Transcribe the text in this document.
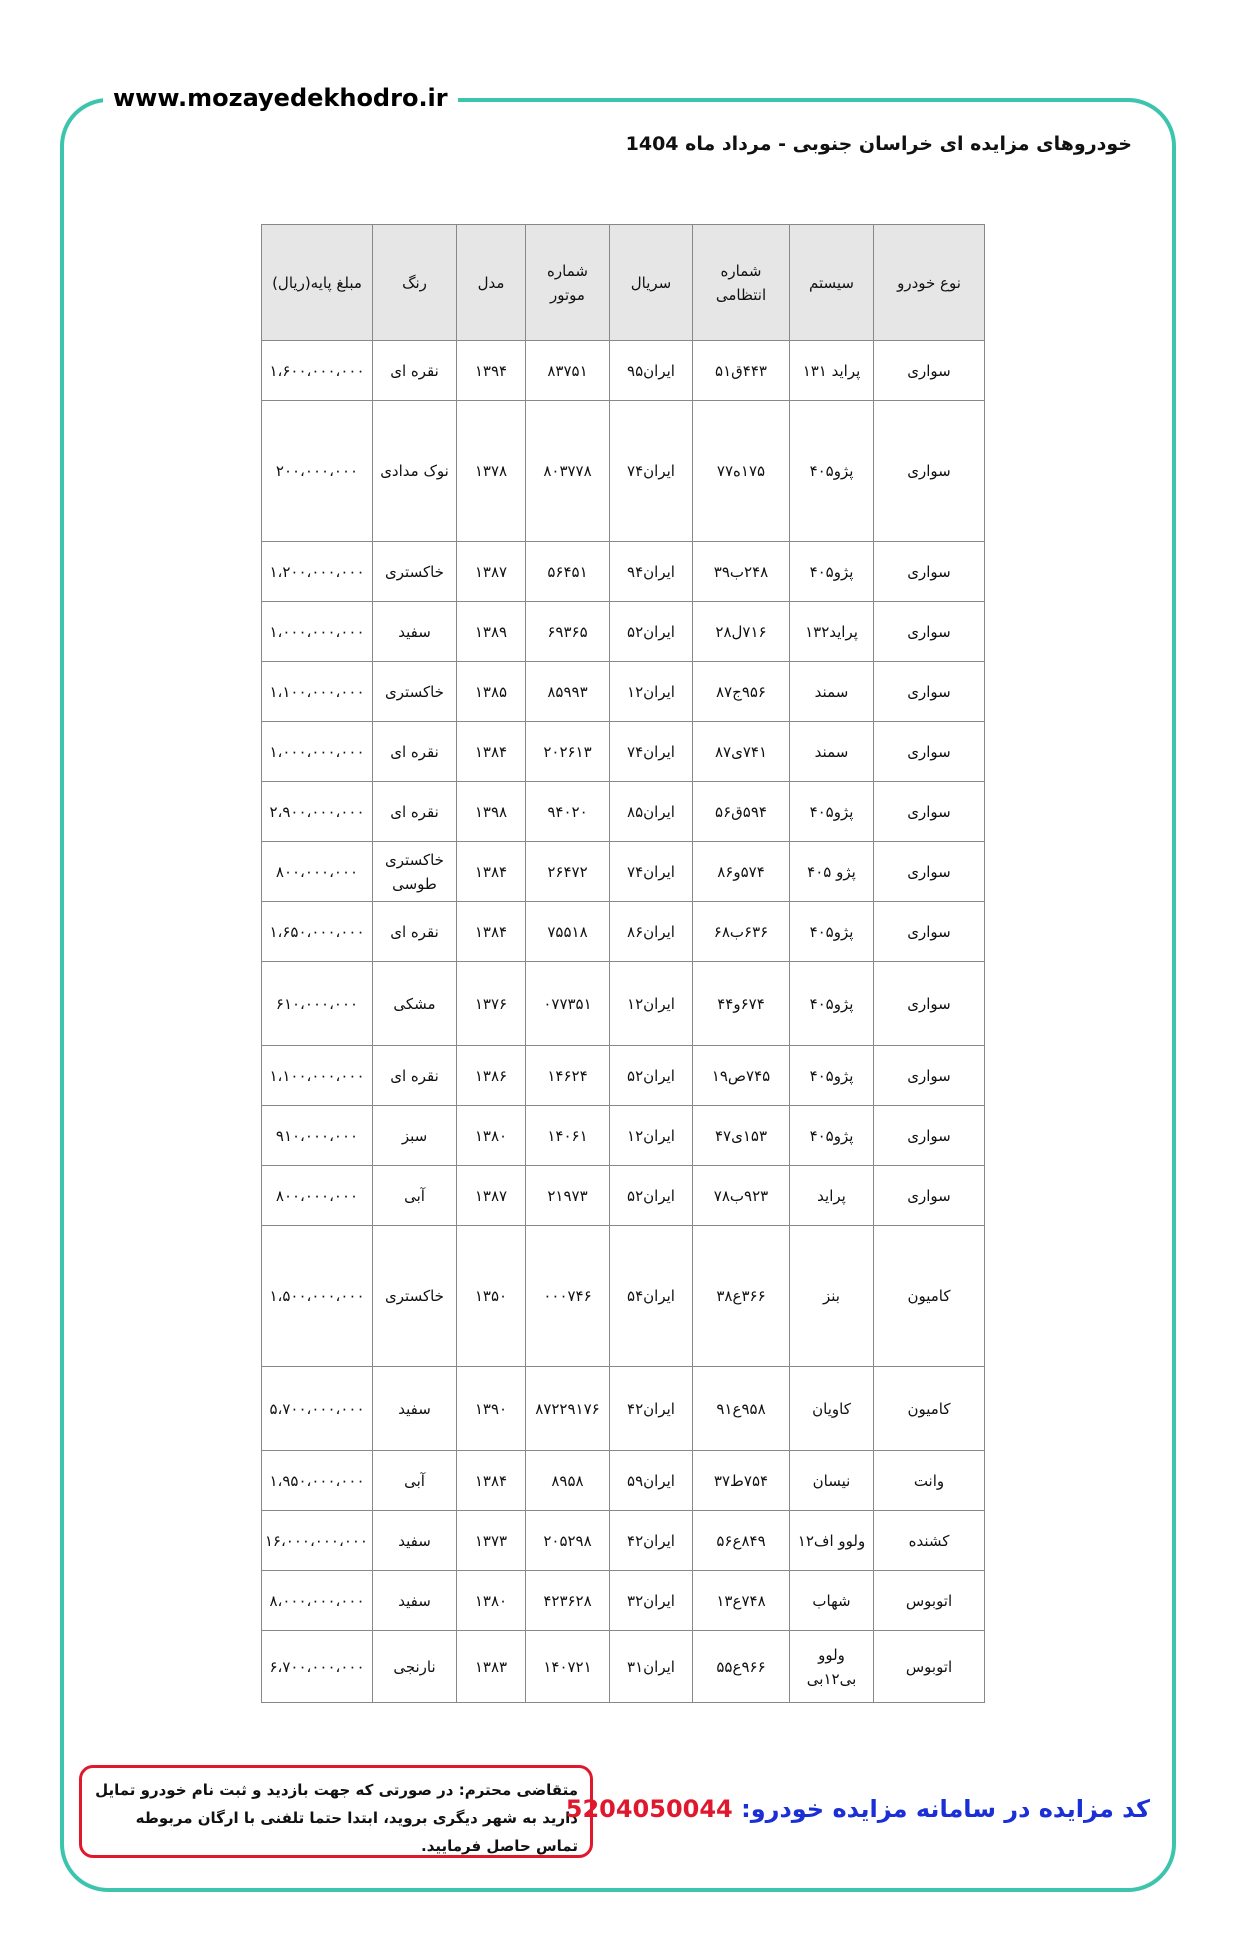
www.mozayedekhodro.ir
خودروهای مزایده ای خراسان جنوبی - مرداد ماه 1404
نوع خودرو	سیستم	شماره انتظامی	سریال	شماره موتور	مدل	رنگ	مبلغ پایه(ریال)
سواری	پراید ۱۳۱	۴۴۳ق۵۱	ایران۹۵	۸۳۷۵۱	۱۳۹۴	نقره ای	۱،۶۰۰،۰۰۰،۰۰۰
سواری	پژو۴۰۵	۱۷۵ه۷۷	ایران۷۴	۸۰۳۷۷۸	۱۳۷۸	نوک مدادی	۲۰۰،۰۰۰،۰۰۰
سواری	پژو۴۰۵	۲۴۸ب۳۹	ایران۹۴	۵۶۴۵۱	۱۳۸۷	خاکستری	۱،۲۰۰،۰۰۰،۰۰۰
سواری	پراید۱۳۲	۷۱۶ل۲۸	ایران۵۲	۶۹۳۶۵	۱۳۸۹	سفید	۱،۰۰۰،۰۰۰،۰۰۰
سواری	سمند	۹۵۶ج۸۷	ایران۱۲	۸۵۹۹۳	۱۳۸۵	خاکستری	۱،۱۰۰،۰۰۰،۰۰۰
سواری	سمند	۷۴۱ی۸۷	ایران۷۴	۲۰۲۶۱۳	۱۳۸۴	نقره ای	۱،۰۰۰،۰۰۰،۰۰۰
سواری	پژو۴۰۵	۵۹۴ق۵۶	ایران۸۵	۹۴۰۲۰	۱۳۹۸	نقره ای	۲،۹۰۰،۰۰۰،۰۰۰
سواری	پژو ۴۰۵	۵۷۴و۸۶	ایران۷۴	۲۶۴۷۲	۱۳۸۴	خاکستری طوسی	۸۰۰،۰۰۰،۰۰۰
سواری	پژو۴۰۵	۶۳۶ب۶۸	ایران۸۶	۷۵۵۱۸	۱۳۸۴	نقره ای	۱،۶۵۰،۰۰۰،۰۰۰
سواری	پژو۴۰۵	۶۷۴و۴۴	ایران۱۲	۰۷۷۳۵۱	۱۳۷۶	مشکی	۶۱۰،۰۰۰،۰۰۰
سواری	پژو۴۰۵	۷۴۵ص۱۹	ایران۵۲	۱۴۶۲۴	۱۳۸۶	نقره ای	۱،۱۰۰،۰۰۰،۰۰۰
سواری	پژو۴۰۵	۱۵۳ی۴۷	ایران۱۲	۱۴۰۶۱	۱۳۸۰	سبز	۹۱۰،۰۰۰،۰۰۰
سواری	پراید	۹۲۳ب۷۸	ایران۵۲	۲۱۹۷۳	۱۳۸۷	آبی	۸۰۰،۰۰۰،۰۰۰
کامیون	بنز	۳۶۶ع۳۸	ایران۵۴	۰۰۰۷۴۶	۱۳۵۰	خاکستری	۱،۵۰۰،۰۰۰،۰۰۰
کامیون	کاویان	۹۵۸ع۹۱	ایران۴۲	۸۷۲۲۹۱۷۶	۱۳۹۰	سفید	۵،۷۰۰،۰۰۰،۰۰۰
وانت	نیسان	۷۵۴ط۳۷	ایران۵۹	۸۹۵۸	۱۳۸۴	آبی	۱،۹۵۰،۰۰۰،۰۰۰
کشنده	ولوو اف۱۲	۸۴۹ع۵۶	ایران۴۲	۲۰۵۲۹۸	۱۳۷۳	سفید	۱۶،۰۰۰،۰۰۰،۰۰۰
اتوبوس	شهاب	۷۴۸ع۱۳	ایران۳۲	۴۲۳۶۲۸	۱۳۸۰	سفید	۸،۰۰۰،۰۰۰،۰۰۰
اتوبوس	ولوو بی۱۲بی	۹۶۶ع۵۵	ایران۳۱	۱۴۰۷۲۱	۱۳۸۳	نارنجی	۶،۷۰۰،۰۰۰،۰۰۰
متقاضی محترم: در صورتی که جهت بازدید و ثبت نام خودرو تمایل دارید به شهر دیگری بروید، ابتدا حتما تلفنی با ارگان مربوطه تماس حاصل فرمایید.
کد مزایده در سامانه مزایده خودرو: 5204050044
